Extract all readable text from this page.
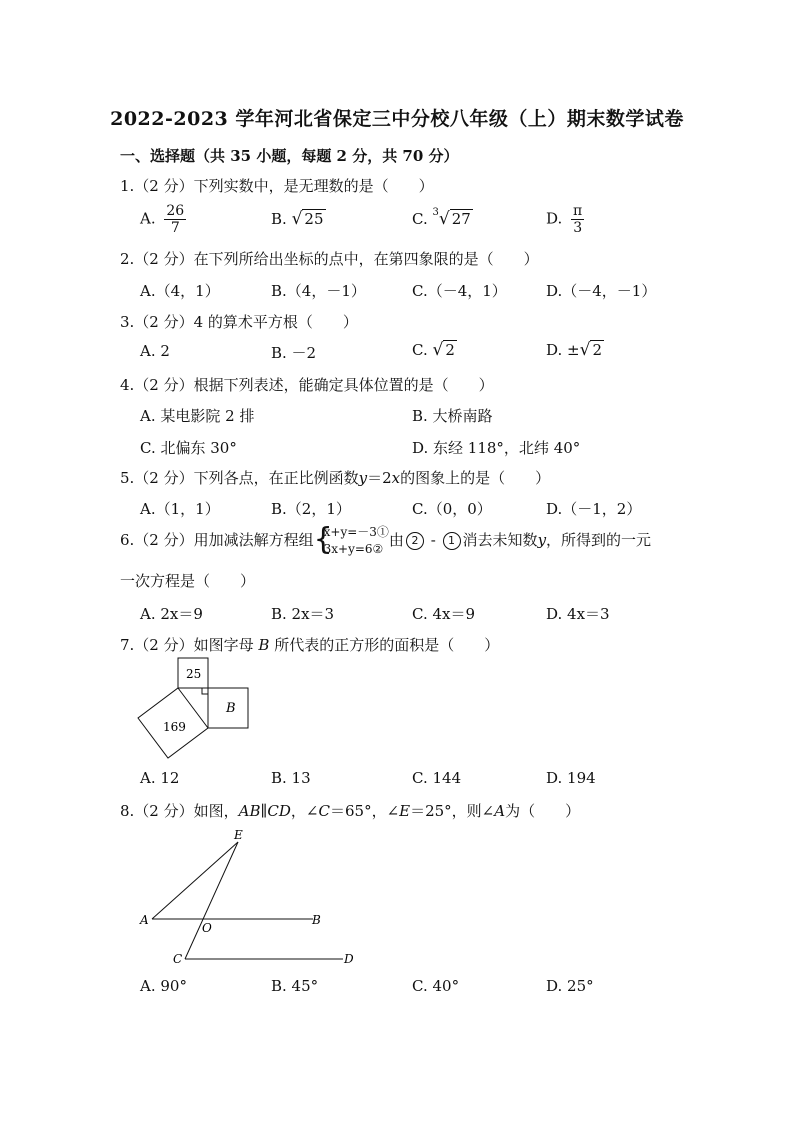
2022-2023 学年河北省保定三中分校八年级（上）期末数学试卷
一、选择题（共 35 小题，每题 2 分，共 70 分）
1.（2 分）下列实数中，是无理数的是（　　）
A. $\frac{26}{7}$	B. √ 25	C. $^3$√ 27	D. $\frac{\pi}{3}$
2.（2 分）在下列所给出坐标的点中，在第四象限的是（　　）
A.（4，1）	B.（4，－1）	C.（－4，1）	D.（－4，－1）
3.（2 分）4 的算术平方根（　　）
A. 2	B. －2	C. √ 2	D. ±√ 2
4.（2 分）根据下列表述，能确定具体位置的是（　　）
A. 某电影院 2 排	B. 大桥南路
C. 北偏东 30°	D. 东经 118°，北纬 40°
5.（2 分）下列各点，在正比例函数y＝2x的图象上的是（　　）
A.（1，1）	B.（2，1）	C.（0，0）	D.（－1，2）
6.（2 分）用加减法解方程组 {
x+y=－3①
3x+y=6② 由 2 - 1 消去未知数y，所得到的一元
一次方程是（　　）
A. 2x＝9	B. 2x＝3	C. 4x＝9	D. 4x＝3
7.（2 分）如图字母 B 所代表的正方形的面积是（　　）
25
169
B
A. 12	B. 13	C. 144	D. 194
8.（2 分）如图，AB∥CD，∠C＝65°，∠E＝25°，则∠A为（　　）
E
A
O
B
C	D
A. 90°	B. 45°	C. 40°	D. 25°
